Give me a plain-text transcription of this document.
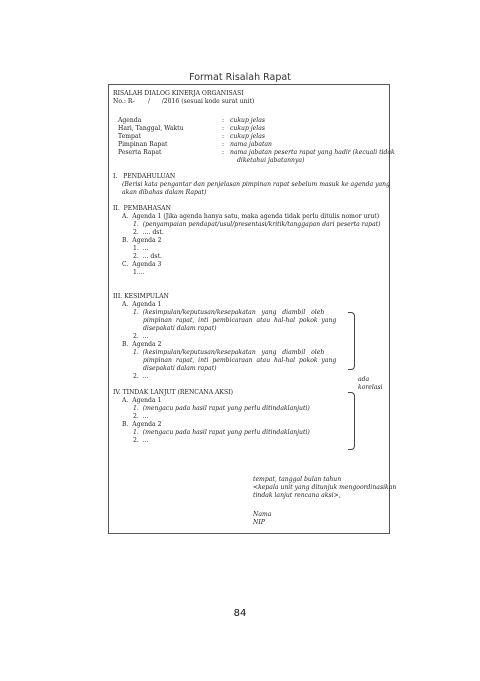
Format Risalah Rapat
RISALAH DIALOG KINERJA ORGANISASI
No.: R-       /      /2016 (sesuai kode surat unit)
Agenda	: cukup jelas
Hari, Tanggal, Waktu	: cukup jelas
Tempat	: cukup jelas
Pimpinan Rapat	: nama jabatan
Peserta Rapat	: nama jabatan peserta rapat yang hadir (kecuali tidak
diketahui jabatannya)
I.   PENDAHULUAN
(Berisi kata pengantar dan penjelasan pimpinan rapat sebelum masuk ke agenda yang
akan dibahas dalam Rapat)
II.  PEMBAHASAN
A.  Agenda 1 (Jika agenda hanya satu, maka agenda tidak perlu ditulis nomor urut)
1.  (penyampaian pendapat/usul/presentasi/kritik/tanggapan dari peserta rapat)
2.  .... dst.
B.  Agenda 2
1.  ...
2.  ... dst.
C.  Agenda 3
1....
III. KESIMPULAN
A.  Agenda 1
1.  (kesimpulan/keputusan/kesepakatan   yang   diambil   oleh
pimpinan  rapat,  inti  pembicaraan  atau  hal-hal  pokok  yang
disepakati dalam rapat)
2.  ...
B.  Agenda 2
1.  (kesimpulan/keputusan/kesepakatan   yang   diambil   oleh
pimpinan  rapat,  inti  pembicaraan  atau  hal-hal  pokok  yang
disepakati dalam rapat)
2.  ...
IV. TINDAK LANJUT (RENCANA AKSI)
A.  Agenda 1
1.  (mengacu pada hasil rapat yang perlu ditindaklanjuti)
2.  ...
B.  Agenda 2
1.  (mengacu pada hasil rapat yang perlu ditindaklanjuti)
2.  ...
ada
korelasi
tempat, tanggal bulan tahun
<kepala unit yang ditunjuk mengoordinasikan
tindak lanjut rencana aksi>,
Nama
NIP
84
